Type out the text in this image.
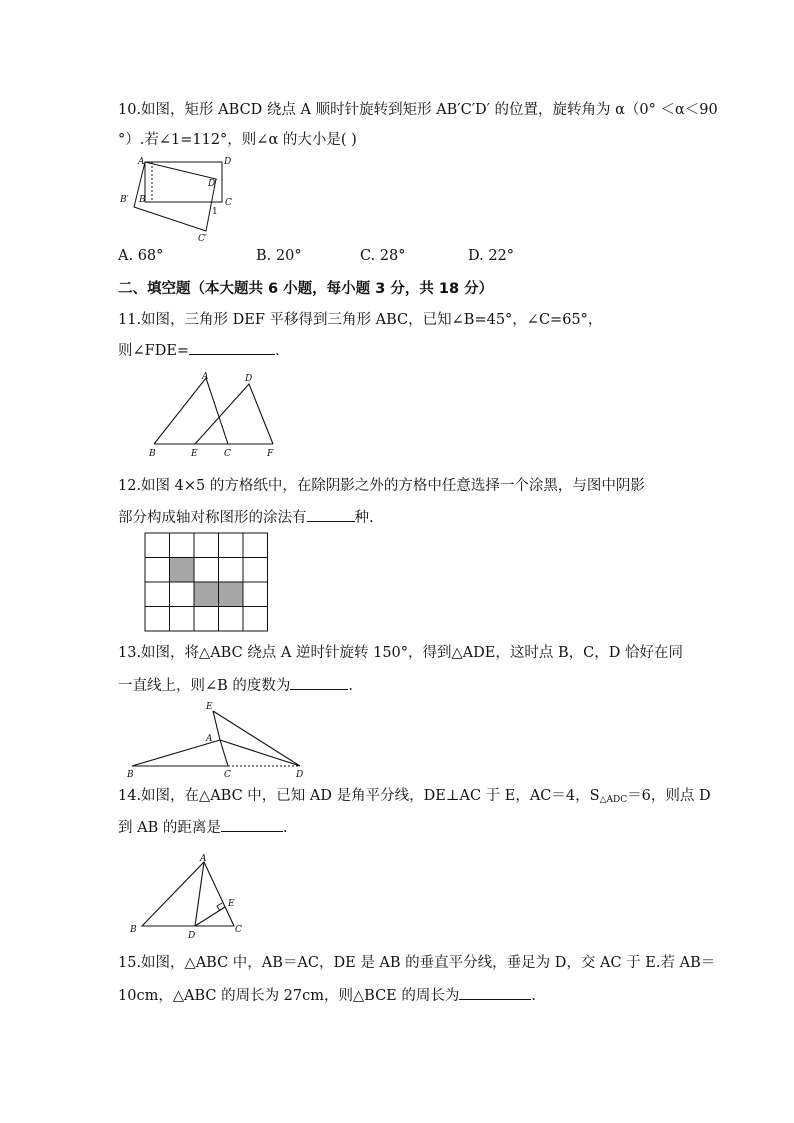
10.如图，矩形 ABCD 绕点 A 顺时针旋转到矩形 AB′C′D′ 的位置，旋转角为 α（0° ＜α＜90
°）.若∠1=112°，则∠α 的大小是( )
A	D
D′
B′ B	C
1
C′
A. 68°	B. 20°	C. 28°	D. 22°
二、填空题（本大题共 6 小题，每小题 3 分，共 18 分）
11.如图，三角形 DEF 平移得到三角形 ABC，已知∠B=45°，∠C=65°，
则∠FDE=	.
A	D
B	E	C	F
12.如图 4×5 的方格纸中，在除阴影之外的方格中任意选择一个涂黑，与图中阴影
部分构成轴对称图形的涂法有	种.
13.如图，将△ABC 绕点 A 逆时针旋转 150°，得到△ADE，这时点 B，C，D 恰好在同
一直线上，则∠B 的度数为	.
E
A
B	C	D
14.如图，在△ABC 中，已知 AD 是角平分线，DE⊥AC 于 E，AC＝4，$S_{\triangle ADC}=6$，则点 D
到 AB 的距离是	.
A
B
D
E
C
15.如图，△ABC 中，AB＝AC，DE 是 AB 的垂直平分线，垂足为 D，交 AC 于 E.若 AB＝
10cm，△ABC 的周长为 27cm，则△BCE 的周长为	.
